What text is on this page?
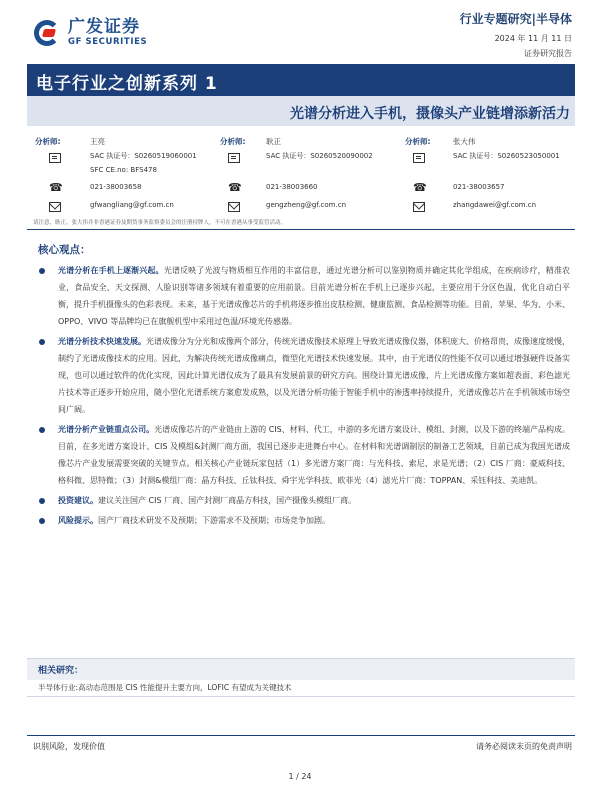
广发证券
GF SECURITIES
行业专题研究|半导体
2024 年 11 月 11 日
证券研究报告
电子行业之创新系列 1
光谱分析进入手机，摄像头产业链增添新活力
分析师:	王亮
SAC 执证号：S0260519060001
SFC CE.no: BFS478
☎	021-38003658
gfwangliang@gf.com.cn
分析师:	耿正
SAC 执证号：S0260520090002
☎	021-38003660
gengzheng@gf.com.cn
分析师:	张大伟
SAC 执证号：S0260523050001
☎	021-38003657
zhangdawei@gf.com.cn
请注意，耿正，张大伟并非香港证券及期货事务监察委员会的注册持牌人，不可在香港从事受监管活动。
核心观点：
光谱分析在手机上逐渐兴起。光谱反映了光波与物质相互作用的丰富信息，通过光谱分析可以鉴别物质并确定其化学组成，在疾病诊疗，精准农业，食品安全、天文探测、人脸识别等诸多领域有着重要的应用前景。目前光谱分析在手机上已逐步兴起，主要应用于分区色温，优化自动白平衡，提升手机摄像头的色彩表现。未来，基于光谱成像芯片的手机将逐步推出皮肤检测、健康监测、食品检测等功能。目前，苹果、华为、小米、OPPO、VIVO 等品牌均已在旗舰机型中采用过色温/环境光传感器。
光谱分析技术快速发展。光谱成像分为分光和成像两个部分，传统光谱成像技术原理上导致光谱成像仪器，体积庞大、价格昂贵，成像速度缓慢，制约了光谱成像技术的应用。因此，为解决传统光谱成像痛点，微型化光谱技术快速发展。其中，由于光谱仪的性能不仅可以通过增强硬件设备实现，也可以通过软件的优化实现，因此计算光谱仪成为了最具有发展前景的研究方向。围绕计算光谱成像，片上光谱成像方案如超表面、彩色滤光片技术等正逐步开始应用，随小型化光谱系统方案愈发成熟，以及光谱分析功能于智能手机中的渗透率持续提升，光谱成像芯片在手机领域市场空间广阔。
光谱分析产业链重点公司。光谱成像芯片的产业链由上游的 CIS、材料、代工，中游的多光谱方案设计、模组、封测，以及下游的终端产品构成。目前，在多光谱方案设计、CIS 及模组&封测厂商方面，我国已逐步走进舞台中心。在材料和光谱调制层的制备工艺领域，目前已成为我国光谱成像芯片产业发展需要突破的关键节点。相关核心产业链玩家包括（1）多光谱方案厂商：与光科技、索尼、求是光谱；（2）CIS 厂商：豪威科技、格科微、思特微；（3）封测&模组厂商：晶方科技、丘钛科技、舜宇光学科技、欧菲光（4）滤光片厂商：TOPPAN、采钰科技、美迪凯。
投资建议。建议关注国产 CIS 厂商、国产封测厂商晶方科技，国产摄像头模组厂商。
风险提示。国产厂商技术研发不及预期；下游需求不及预期；市场竞争加剧。
相关研究：
半导体行业:高动态范围是 CIS 性能提升主要方向，LOFIC 有望成为关键技术
识别风险，发现价值	请务必阅读末页的免责声明
1 / 24
